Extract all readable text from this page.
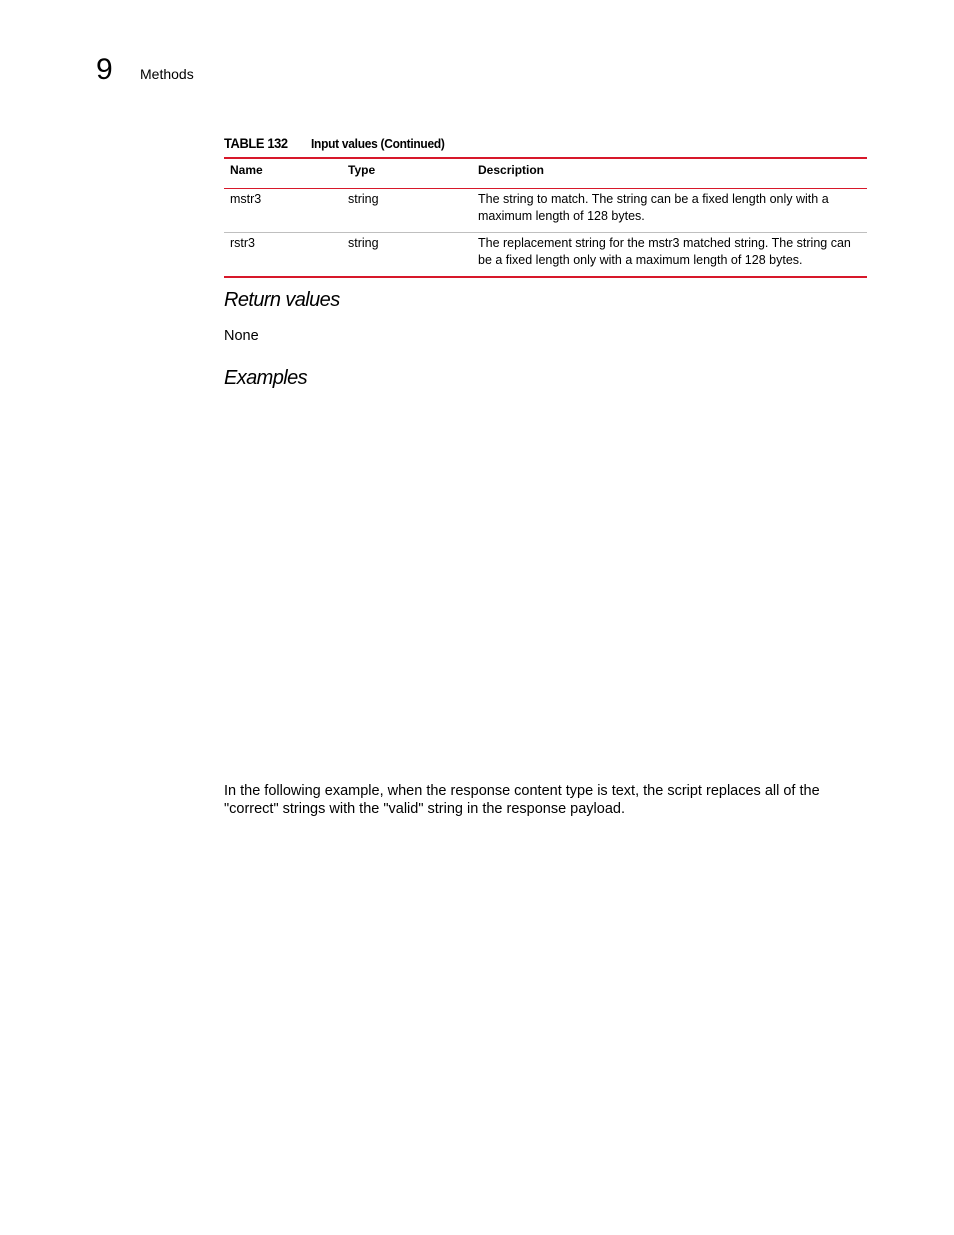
9 Methods
TABLE 132	Input values (Continued)
Name	Type	Description
mstr3	string	The string to match. The string can be a fixed length only with a maximum length of 128 bytes.
rstr3	string	The replacement string for the mstr3 matched string. The string can be a fixed length only with a maximum length of 128 bytes.
Return values

None

Examples

In the following example, when the response content type is text, the script replaces all of the "correct" strings with the "valid" string in the response payload.
